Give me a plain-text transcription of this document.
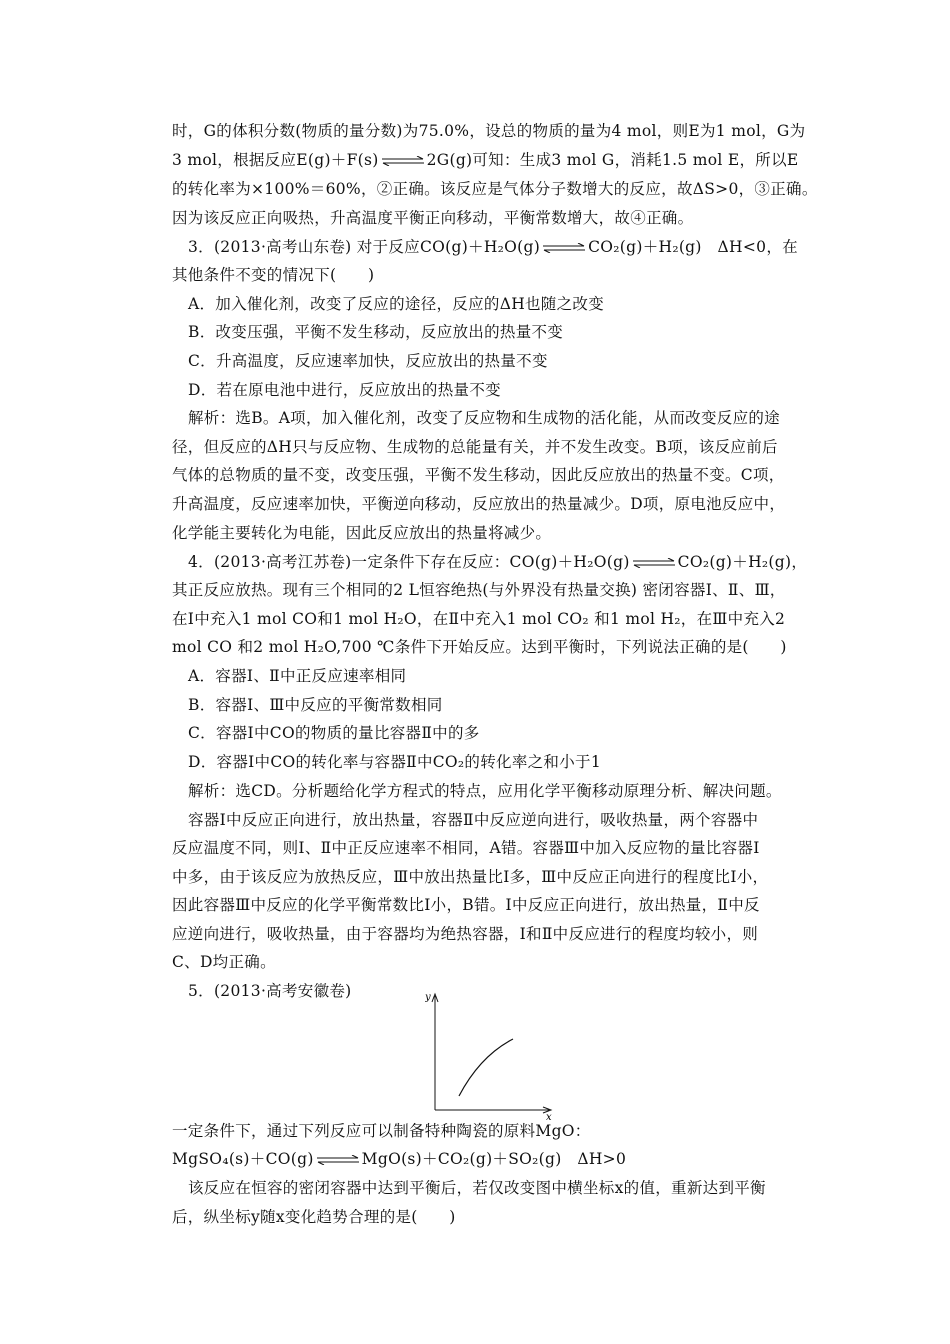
时，G的体积分数(物质的量分数)为75.0%，设总的物质的量为4 mol，则E为1 mol，G为
3 mol，根据反应E(g)＋F(s) ⇌ 2G(g)可知：生成3 mol G，消耗1.5 mol E，所以E
的转化率为×100%＝60%，②正确。该反应是气体分子数增大的反应，故ΔS>0，③正确。
因为该反应正向吸热，升高温度平衡正向移动，平衡常数增大，故④正确。
3．(2013·高考山东卷) 对于反应CO(g)＋H₂O(g) ⇌ CO₂(g)＋H₂(g)　ΔH<0，在
其他条件不变的情况下(　　)
A．加入催化剂，改变了反应的途径，反应的ΔH也随之改变
B．改变压强，平衡不发生移动，反应放出的热量不变
C．升高温度，反应速率加快，反应放出的热量不变
D．若在原电池中进行，反应放出的热量不变
解析：选B。A项，加入催化剂，改变了反应物和生成物的活化能，从而改变反应的途
径，但反应的ΔH只与反应物、生成物的总能量有关，并不发生改变。B项，该反应前后
气体的总物质的量不变，改变压强，平衡不发生移动，因此反应放出的热量不变。C项，
升高温度，反应速率加快，平衡逆向移动，反应放出的热量减少。D项，原电池反应中，
化学能主要转化为电能，因此反应放出的热量将减少。
4．(2013·高考江苏卷)一定条件下存在反应：CO(g)＋H₂O(g) ⇌ CO₂(g)＋H₂(g)，
其正反应放热。现有三个相同的2 L恒容绝热(与外界没有热量交换) 密闭容器Ⅰ、Ⅱ、Ⅲ，
在Ⅰ中充入1 mol CO和1 mol H₂O，在Ⅱ中充入1 mol CO₂ 和1 mol H₂，在Ⅲ中充入2
mol CO 和2 mol H₂O,700 ℃条件下开始反应。达到平衡时，下列说法正确的是(　　)
A．容器Ⅰ、Ⅱ中正反应速率相同
B．容器Ⅰ、Ⅲ中反应的平衡常数相同
C．容器Ⅰ中CO的物质的量比容器Ⅱ中的多
D．容器Ⅰ中CO的转化率与容器Ⅱ中CO₂的转化率之和小于1
解析：选CD。分析题给化学方程式的特点，应用化学平衡移动原理分析、解决问题。
容器Ⅰ中反应正向进行，放出热量，容器Ⅱ中反应逆向进行，吸收热量，两个容器中
反应温度不同，则Ⅰ、Ⅱ中正反应速率不相同，A错。容器Ⅲ中加入反应物的量比容器Ⅰ
中多，由于该反应为放热反应，Ⅲ中放出热量比Ⅰ多，Ⅲ中反应正向进行的程度比Ⅰ小，
因此容器Ⅲ中反应的化学平衡常数比Ⅰ小，B错。Ⅰ中反应正向进行，放出热量，Ⅱ中反
应逆向进行，吸收热量，由于容器均为绝热容器，Ⅰ和Ⅱ中反应进行的程度均较小，则
C、D均正确。
5．(2013·高考安徽卷)	y
x
一定条件下，通过下列反应可以制备特种陶瓷的原料MgO：
MgSO₄(s)＋CO(g) ⇌ MgO(s)＋CO₂(g)＋SO₂(g)　ΔH>0
该反应在恒容的密闭容器中达到平衡后，若仅改变图中横坐标x的值，重新达到平衡
后，纵坐标y随x变化趋势合理的是(　　)
